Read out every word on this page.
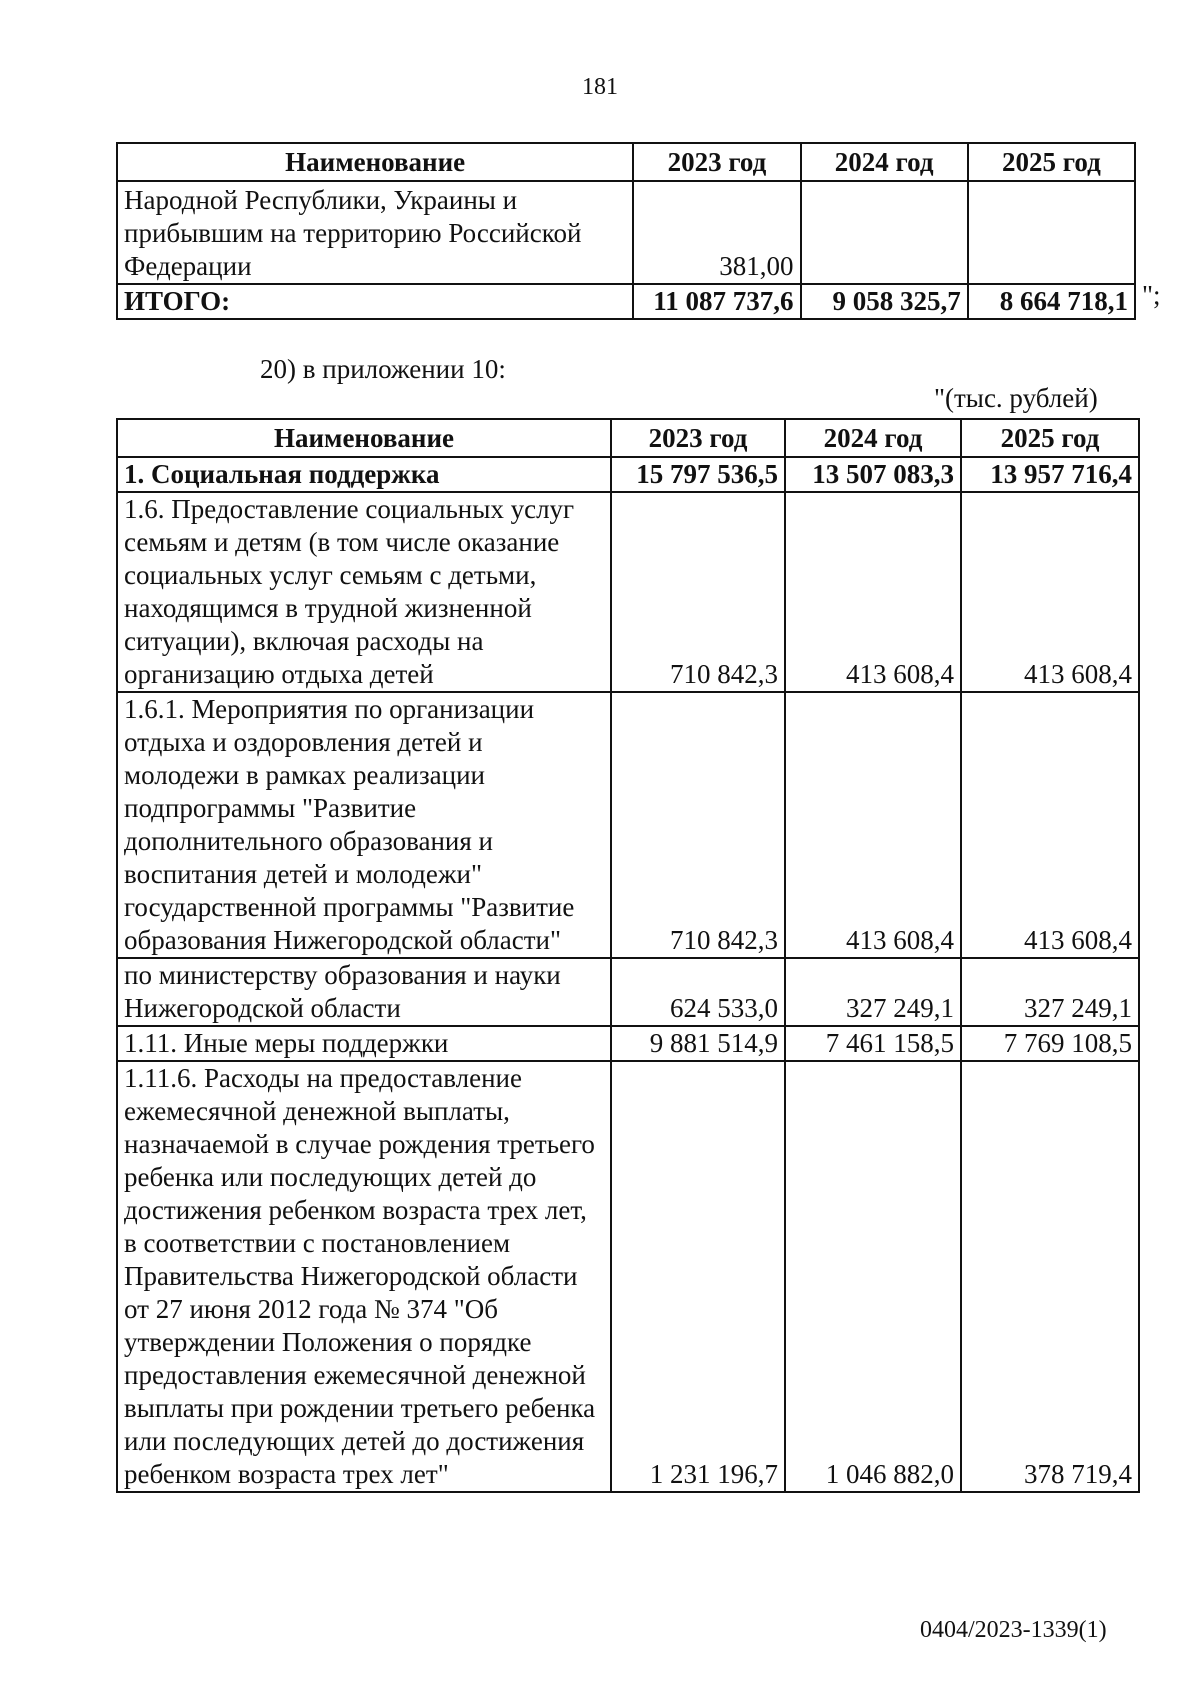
181
Наименование	2023 год	2024 год	2025 год
Народной Республики, Украины и прибывшим на территорию Российской Федерации	381,00		
ИТОГО:	11 087 737,6	9 058 325,7	8 664 718,1 ";
20) в приложении 10:
"(тыс. рублей)
Наименование	2023 год	2024 год	2025 год
1. Социальная поддержка	15 797 536,5	13 507 083,3	13 957 716,4
1.6. Предоставление социальных услуг семьям и детям (в том числе оказание социальных услуг семьям с детьми, находящимся в трудной жизненной ситуации), включая расходы на организацию отдыха детей	710 842,3	413 608,4	413 608,4
1.6.1. Мероприятия по организации отдыха и оздоровления детей и молодежи в рамках реализации подпрограммы "Развитие дополнительного образования и воспитания детей и молодежи" государственной программы "Развитие образования Нижегородской области"	710 842,3	413 608,4	413 608,4
по министерству образования и науки Нижегородской области	624 533,0	327 249,1	327 249,1
1.11. Иные меры поддержки	9 881 514,9	7 461 158,5	7 769 108,5
1.11.6. Расходы на предоставление ежемесячной денежной выплаты, назначаемой в случае рождения третьего ребенка или последующих детей до достижения ребенком возраста трех лет, в соответствии с постановлением Правительства Нижегородской области от 27 июня 2012 года № 374 "Об утверждении Положения о порядке предоставления ежемесячной денежной выплаты при рождении третьего ребенка или последующих детей до достижения ребенком возраста трех лет"	1 231 196,7	1 046 882,0	378 719,4
0404/2023-1339(1)
